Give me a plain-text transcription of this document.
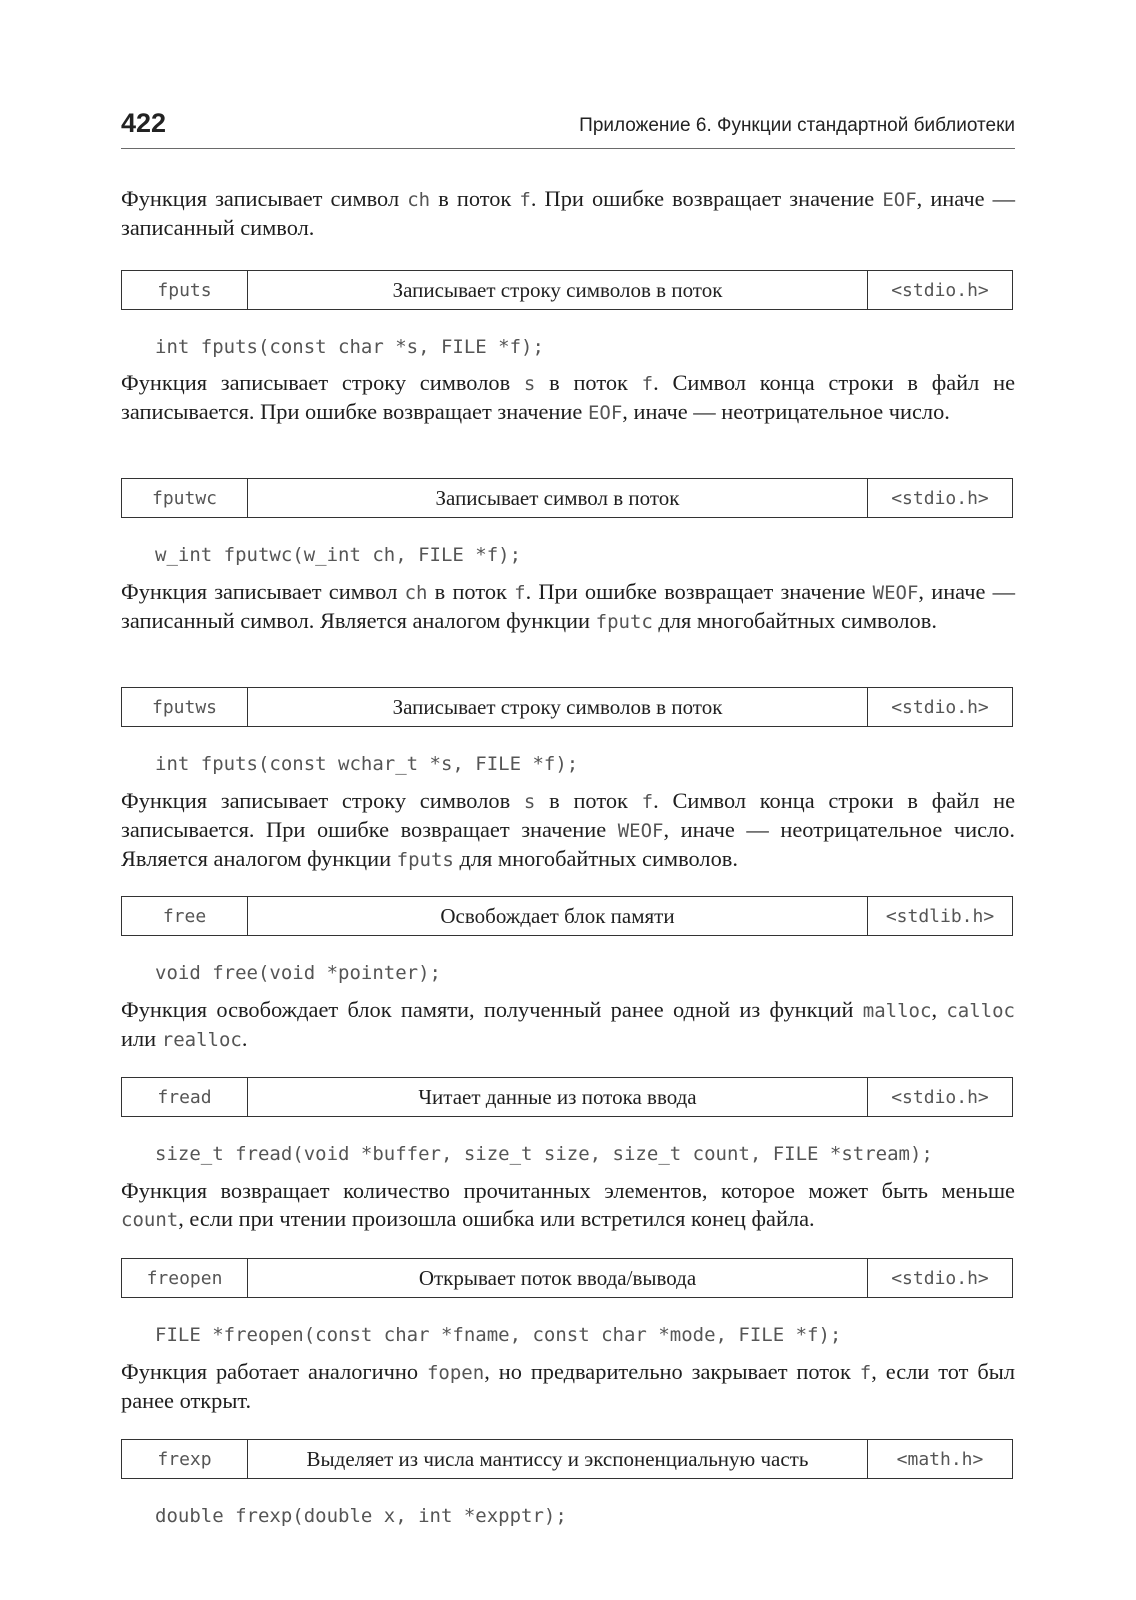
422	Приложение 6. Функции стандартной библиотеки

Функция записывает символ ch в поток f. При ошибке возвращает значение EOF, иначе — записанный символ.

fputs	Записывает строку символов в поток	<stdio.h>

int fputs(const char *s, FILE *f);

Функция записывает строку символов s в поток f. Символ конца строки в файл не записывается. При ошибке возвращает значение EOF, иначе — неотрицательное число.

fputwc	Записывает символ в поток	<stdio.h>

w_int fputwc(w_int ch, FILE *f);

Функция записывает символ ch в поток f. При ошибке возвращает значение WEOF, иначе — записанный символ. Является аналогом функции fputc для многобайтных символов.

fputws	Записывает строку символов в поток	<stdio.h>

int fputs(const wchar_t *s, FILE *f);

Функция записывает строку символов s в поток f. Символ конца строки в файл не записывается. При ошибке возвращает значение WEOF, иначе — неотрицательное число. Является аналогом функции fputs для многобайтных символов.

free	Освобождает блок памяти	<stdlib.h>

void free(void *pointer);

Функция освобождает блок памяти, полученный ранее одной из функций malloc, calloc или realloc.

fread	Читает данные из потока ввода	<stdio.h>

size_t fread(void *buffer, size_t size, size_t count, FILE *stream);

Функция возвращает количество прочитанных элементов, которое может быть меньше count, если при чтении произошла ошибка или встретился конец файла.

freopen	Открывает поток ввода/вывода	<stdio.h>

FILE *freopen(const char *fname, const char *mode, FILE *f);

Функция работает аналогично fopen, но предварительно закрывает поток f, если тот был ранее открыт.

frexp	Выделяет из числа мантиссу и экспоненциальную часть	<math.h>

double frexp(double x, int *expptr);
